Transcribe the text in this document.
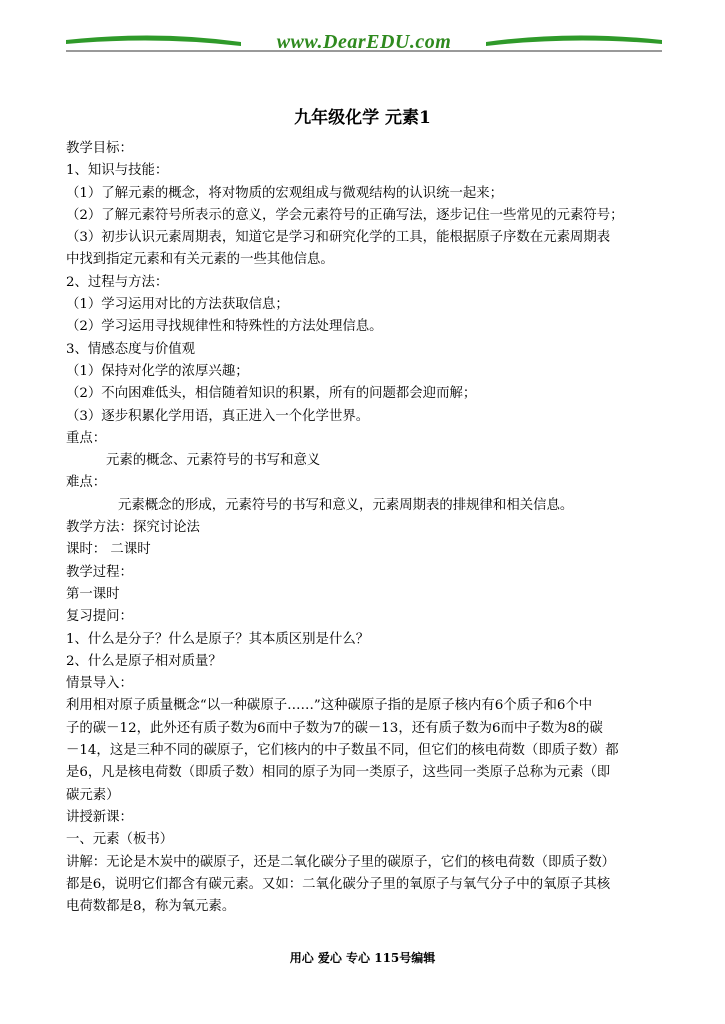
www.DearEDU.com
九年级化学 元素1
教学目标：
1、知识与技能：
（1）了解元素的概念，将对物质的宏观组成与微观结构的认识统一起来；
（2）了解元素符号所表示的意义，学会元素符号的正确写法，逐步记住一些常见的元素符号；
（3）初步认识元素周期表，知道它是学习和研究化学的工具，能根据原子序数在元素周期表
中找到指定元素和有关元素的一些其他信息。
2、过程与方法：
（1）学习运用对比的方法获取信息；
（2）学习运用寻找规律性和特殊性的方法处理信息。
3、情感态度与价值观
（1）保持对化学的浓厚兴趣；
（2）不向困难低头，相信随着知识的积累，所有的问题都会迎而解；
（3）逐步积累化学用语，真正进入一个化学世界。
重点：
元素的概念、元素符号的书写和意义
难点：
元素概念的形成，元素符号的书写和意义，元素周期表的排规律和相关信息。
教学方法：探究讨论法
课时： 二课时
教学过程：
第一课时
复习提问：
1、什么是分子？什么是原子？其本质区别是什么？
2、什么是原子相对质量？
情景导入：
利用相对原子质量概念“以一种碳原子……”这种碳原子指的是原子核内有6个质子和6个中
子的碳－12，此外还有质子数为6而中子数为7的碳－13，还有质子数为6而中子数为8的碳
－14，这是三种不同的碳原子，它们核内的中子数虽不同，但它们的核电荷数（即质子数）都
是6，凡是核电荷数（即质子数）相同的原子为同一类原子，这些同一类原子总称为元素（即
碳元素）
讲授新课：
一、元素（板书）
讲解：无论是木炭中的碳原子，还是二氧化碳分子里的碳原子，它们的核电荷数（即质子数）
都是6，说明它们都含有碳元素。又如：二氧化碳分子里的氧原子与氧气分子中的氧原子其核
电荷数都是8，称为氧元素。
用心 爱心 专心 115号编辑
